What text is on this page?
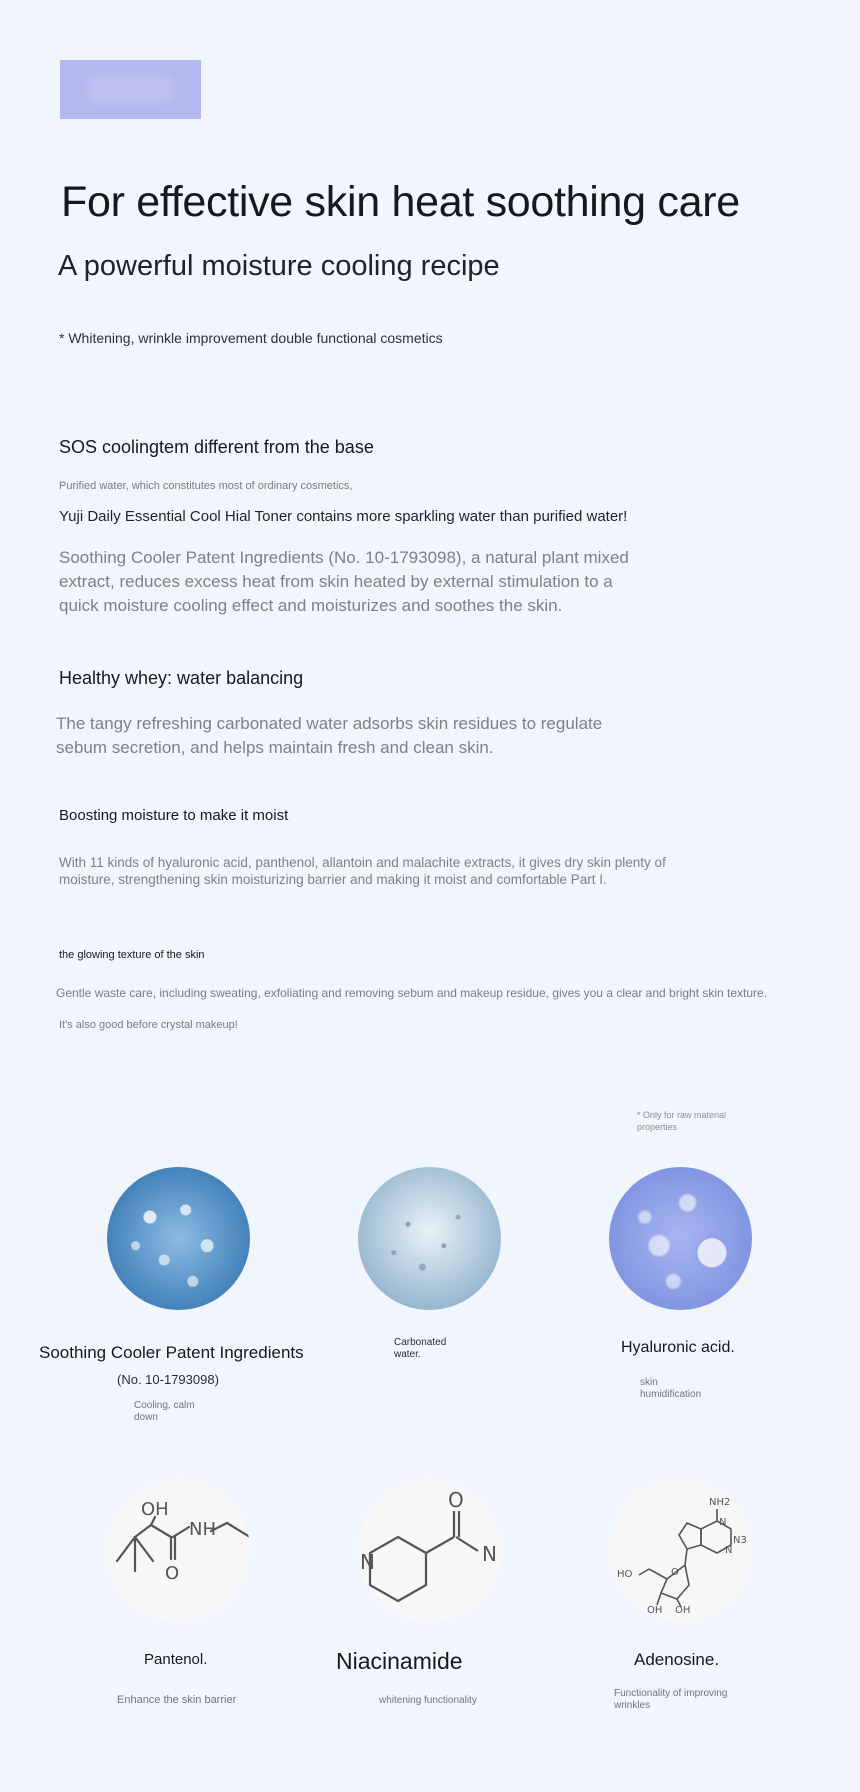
For effective skin heat soothing care
A powerful moisture cooling recipe
* Whitening, wrinkle improvement double functional cosmetics
SOS coolingtem different from the base
Purified water, which constitutes most of ordinary cosmetics,
Yuji Daily Essential Cool Hial Toner contains more sparkling water than purified water!
Soothing Cooler Patent Ingredients (No. 10-1793098), a natural plant mixed extract, reduces excess heat from skin heated by external stimulation to a quick moisture cooling effect and moisturizes and soothes the skin.
Healthy whey: water balancing
The tangy refreshing carbonated water adsorbs skin residues to regulate sebum secretion, and helps maintain fresh and clean skin.
Boosting moisture to make it moist
With 11 kinds of hyaluronic acid, panthenol, allantoin and malachite extracts, it gives dry skin plenty of moisture, strengthening skin moisturizing barrier and making it moist and comfortable Part I.
the glowing texture of the skin
Gentle waste care, including sweating, exfoliating and removing sebum and makeup residue, gives you a clear and bright skin texture.
It's also good before crystal makeup!
* Only for raw material properties
Soothing Cooler Patent Ingredients
(No. 10-1793098)
Cooling, calm down
Carbonated water.	Hyaluronic acid.
skin humidification
OH
NH
O
O
N	N
NH2
N
N
N3
HO	O
OH OH
Pantenol.
Enhance the skin barrier
Niacinamide
whitening functionality
Adenosine.
Functionality of improving wrinkles
